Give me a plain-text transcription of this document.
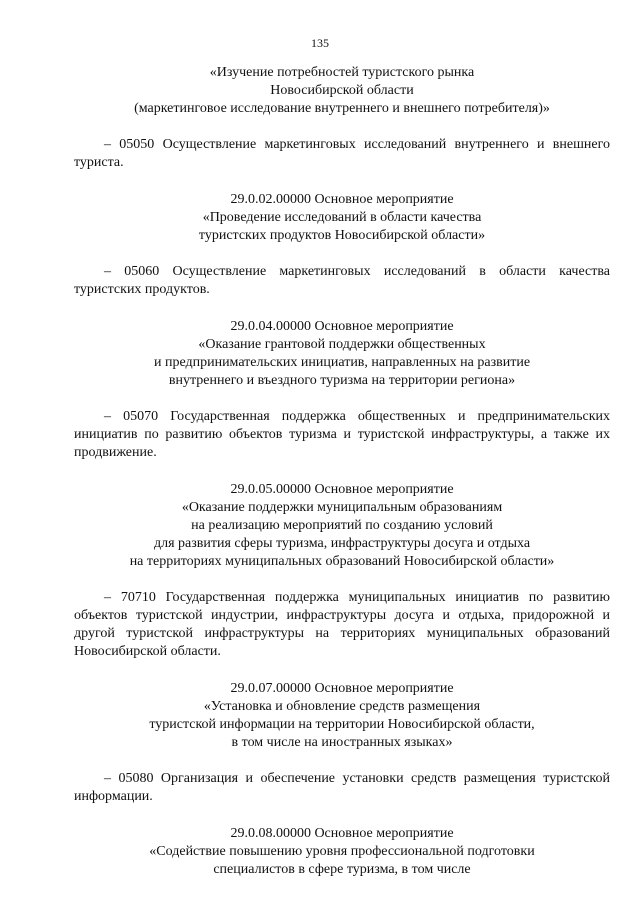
135
«Изучение потребностей туристского рынка
Новосибирской области
(маркетинговое исследование внутреннего и внешнего потребителя)»

– 05050 Осуществление маркетинговых исследований внутреннего и внешнего туриста.

29.0.02.00000 Основное мероприятие
«Проведение исследований в области качества
туристских продуктов Новосибирской области»

– 05060 Осуществление маркетинговых исследований в области качества туристских продуктов.

29.0.04.00000 Основное мероприятие
«Оказание грантовой поддержки общественных
и предпринимательских инициатив, направленных на развитие
внутреннего и въездного туризма на территории региона»

– 05070 Государственная поддержка общественных и предпринимательских инициатив по развитию объектов туризма и туристской инфраструктуры, а также их продвижение.

29.0.05.00000 Основное мероприятие
«Оказание поддержки муниципальным образованиям
на реализацию мероприятий по созданию условий
для развития сферы туризма, инфраструктуры досуга и отдыха
на территориях муниципальных образований Новосибирской области»

– 70710 Государственная поддержка муниципальных инициатив по развитию объектов туристской индустрии, инфраструктуры досуга и отдыха, придорожной и другой туристской инфраструктуры на территориях муниципальных образований Новосибирской области.

29.0.07.00000 Основное мероприятие
«Установка и обновление средств размещения
туристской информации на территории Новосибирской области,
в том числе на иностранных языках»

– 05080 Организация и обеспечение установки средств размещения туристской информации.

29.0.08.00000 Основное мероприятие
«Содействие повышению уровня профессиональной подготовки
специалистов в сфере туризма, в том числе
